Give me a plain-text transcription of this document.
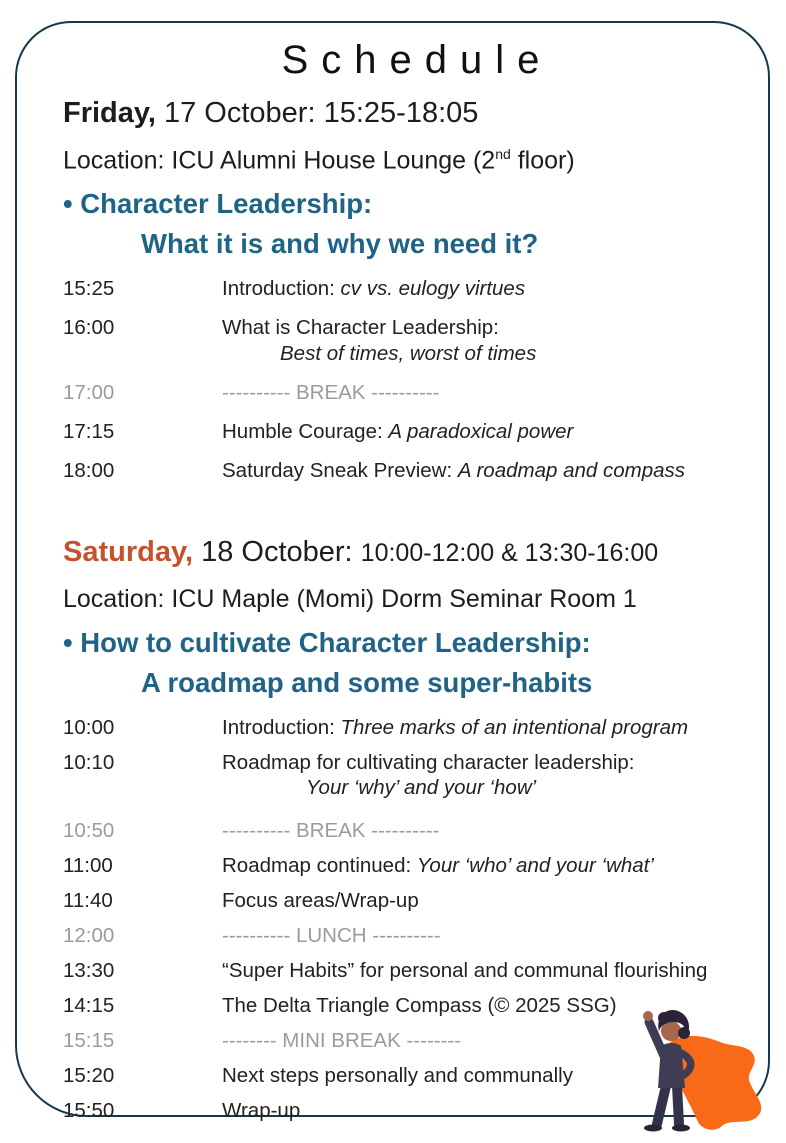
Schedule
Friday, 17 October: 15:25-18:05
Location: ICU Alumni House Lounge (2nd floor)
• Character Leadership:
What it is and why we need it?
15:25	Introduction: cv vs. eulogy virtues
16:00	What is Character Leadership:
Best of times, worst of times
17:00	---------- BREAK ----------
17:15	Humble Courage: A paradoxical power
18:00	Saturday Sneak Preview: A roadmap and compass
Saturday, 18 October: 10:00-12:00 & 13:30-16:00
Location: ICU Maple (Momi) Dorm Seminar Room 1
• How to cultivate Character Leadership:
A roadmap and some super-habits
10:00	Introduction: Three marks of an intentional program
10:10	Roadmap for cultivating character leadership:
Your ‘why’ and your ‘how’
10:50	---------- BREAK ----------
11:00	Roadmap continued: Your ‘who’ and your ‘what’
11:40	Focus areas/Wrap-up
12:00	---------- LUNCH ----------
13:30	“Super Habits” for personal and communal flourishing
14:15	The Delta Triangle Compass (© 2025 SSG)
15:15	-------- MINI BREAK --------
15:20	Next steps personally and communally
15:50	Wrap-up
